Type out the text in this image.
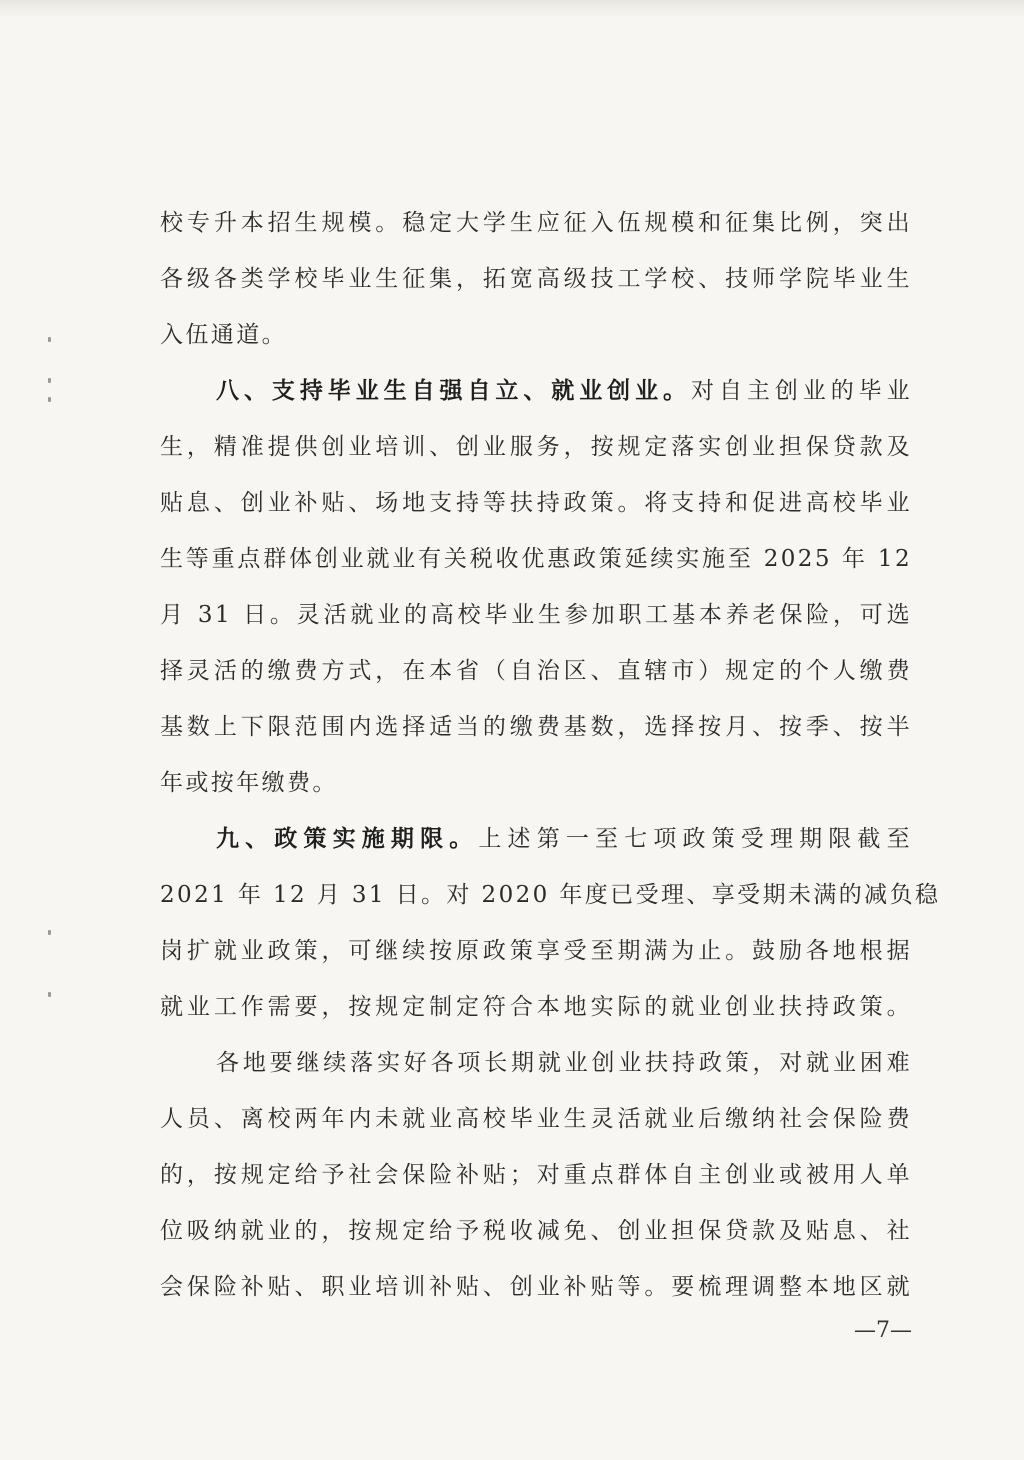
校专升本招生规模。稳定大学生应征入伍规模和征集比例，突出
各级各类学校毕业生征集，拓宽高级技工学校、技师学院毕业生
入伍通道。
八、支持毕业生自强自立、就业创业。对自主创业的毕业
生，精准提供创业培训、创业服务，按规定落实创业担保贷款及
贴息、创业补贴、场地支持等扶持政策。将支持和促进高校毕业
生等重点群体创业就业有关税收优惠政策延续实施至 2025 年 12
月 31 日。灵活就业的高校毕业生参加职工基本养老保险，可选
择灵活的缴费方式，在本省（自治区、直辖市）规定的个人缴费
基数上下限范围内选择适当的缴费基数，选择按月、按季、按半
年或按年缴费。
九、政策实施期限。上述第一至七项政策受理期限截至
2021 年 12 月 31 日。对 2020 年度已受理、享受期未满的减负稳
岗扩就业政策，可继续按原政策享受至期满为止。鼓励各地根据
就业工作需要，按规定制定符合本地实际的就业创业扶持政策。
各地要继续落实好各项长期就业创业扶持政策，对就业困难
人员、离校两年内未就业高校毕业生灵活就业后缴纳社会保险费
的，按规定给予社会保险补贴；对重点群体自主创业或被用人单
位吸纳就业的，按规定给予税收减免、创业担保贷款及贴息、社
会保险补贴、职业培训补贴、创业补贴等。要梳理调整本地区就
—7—
